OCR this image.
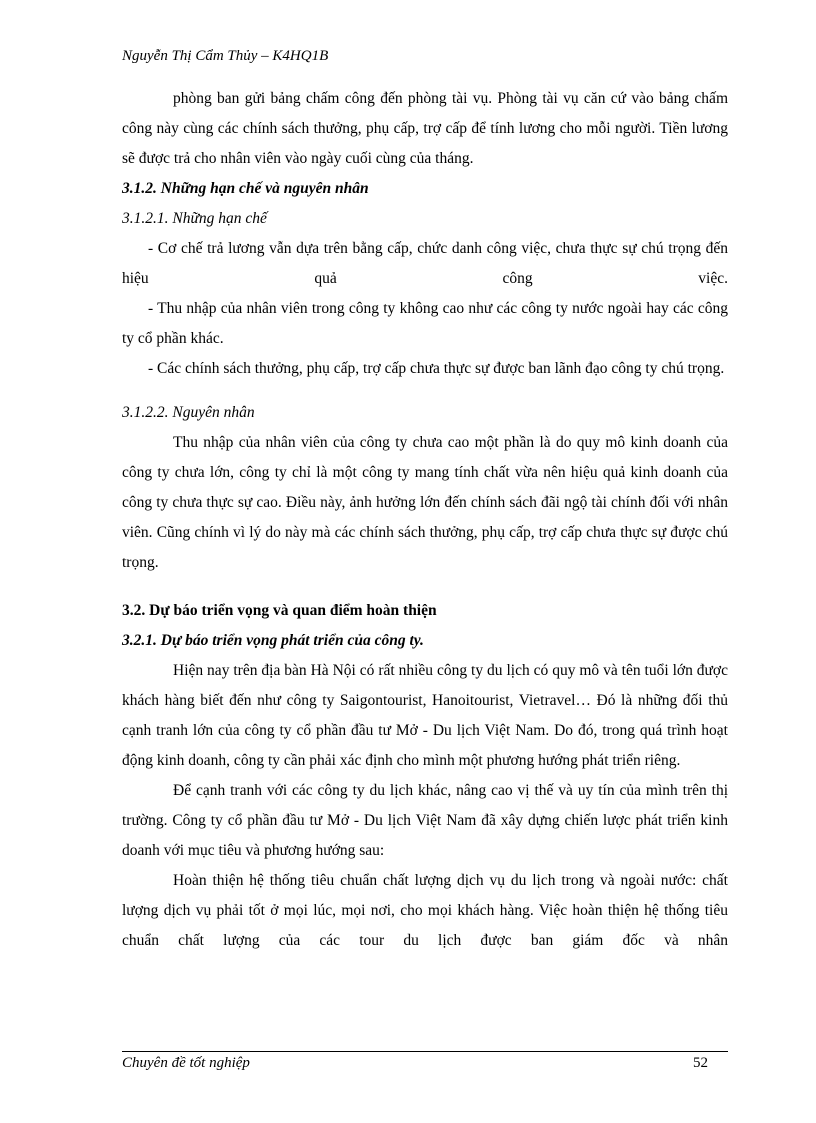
Nguyễn Thị Cẩm Thủy – K4HQ1B

phòng ban gửi bảng chấm công đến phòng tài vụ. Phòng tài vụ căn cứ vào bảng chấm công này cùng các chính sách thưởng, phụ cấp, trợ cấp để tính lương cho mỗi người. Tiền lương sẽ được trả cho nhân viên vào ngày cuối cùng của tháng.

3.1.2. Những hạn chế và nguyên nhân

3.1.2.1. Những hạn chế

- Cơ chế trả lương vẫn dựa trên bằng cấp, chức danh công việc, chưa thực sự chú trọng đến hiệu quả công việc.

- Thu nhập của nhân viên trong công ty không cao như các công ty nước ngoài hay các công ty cổ phần khác.

- Các chính sách thưởng, phụ cấp, trợ cấp chưa thực sự được ban lãnh đạo công ty chú trọng.

3.1.2.2. Nguyên nhân

Thu nhập của nhân viên của công ty chưa cao một phần là do quy mô kinh doanh của công ty chưa lớn, công ty chỉ là một công ty mang tính chất vừa nên hiệu quả kinh doanh của công ty chưa thực sự cao. Điều này, ảnh hưởng lớn đến chính sách đãi ngộ tài chính đối với nhân viên. Cũng chính vì lý do này mà các chính sách thưởng, phụ cấp, trợ cấp chưa thực sự được chú trọng.

3.2. Dự báo triển vọng và quan điểm hoàn thiện

3.2.1. Dự báo triển vọng phát triển của công ty.

Hiện nay trên địa bàn Hà Nội có rất nhiều công ty du lịch có quy mô và tên tuổi lớn được khách hàng biết đến như công ty Saigontourist, Hanoitourist, Vietravel… Đó là những đối thủ cạnh tranh lớn của công ty cổ phần đầu tư Mở - Du lịch Việt Nam. Do đó, trong quá trình hoạt động kinh doanh, công ty cần phải xác định cho mình một phương hướng phát triển riêng.

Để cạnh tranh với các công ty du lịch khác, nâng cao vị thế và uy tín của mình trên thị trường. Công ty cổ phần đầu tư Mở - Du lịch Việt Nam đã xây dựng chiến lược phát triển kinh doanh với mục tiêu và phương hướng sau:

Hoàn thiện hệ thống tiêu chuẩn chất lượng dịch vụ du lịch trong và ngoài nước: chất lượng dịch vụ phải tốt ở mọi lúc, mọi nơi, cho mọi khách hàng. Việc hoàn thiện hệ thống tiêu chuẩn chất lượng của các tour du lịch được ban giám đốc và nhân

Chuyên đề tốt nghiệp	52
